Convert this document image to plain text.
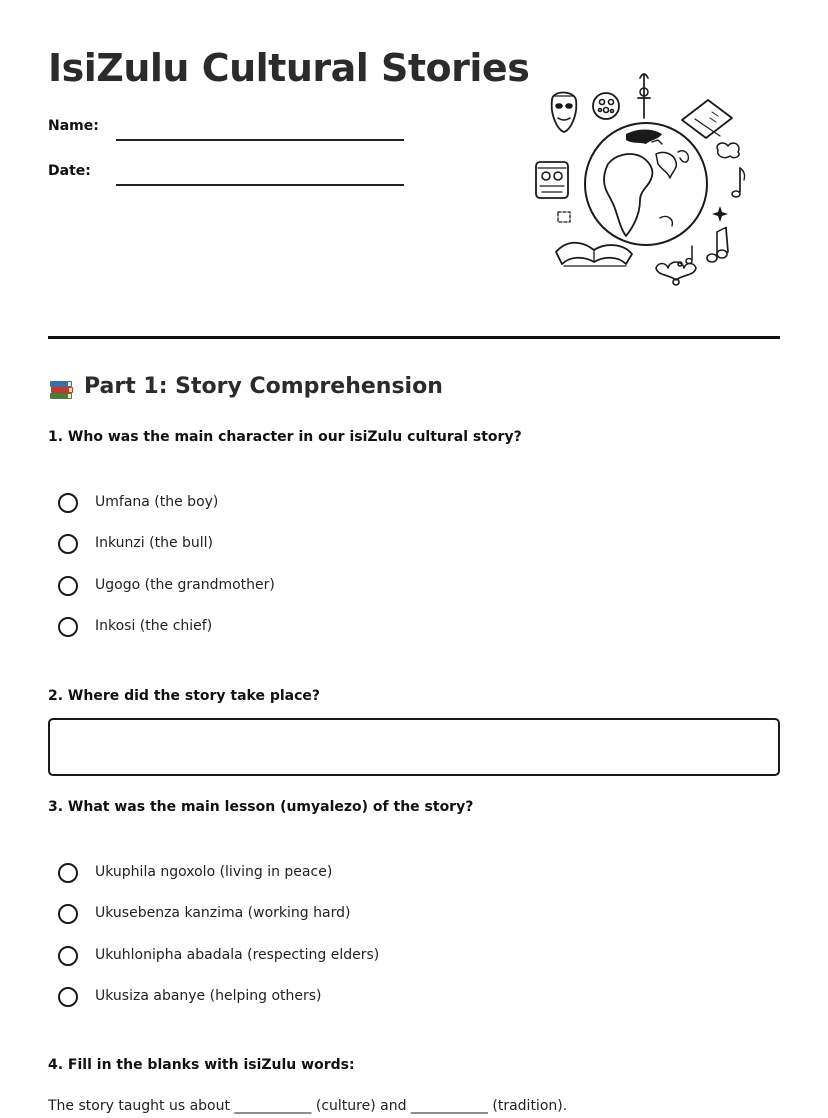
IsiZulu Cultural Stories
Name:
Date:
Part 1: Story Comprehension
1. Who was the main character in our isiZulu cultural story?
Umfana (the boy)
Inkunzi (the bull)
Ugogo (the grandmother)
Inkosi (the chief)
2. Where did the story take place?
3. What was the main lesson (umyalezo) of the story?
Ukuphila ngoxolo (living in peace)
Ukusebenza kanzima (working hard)
Ukuhlonipha abadala (respecting elders)
Ukusiza abanye (helping others)
4. Fill in the blanks with isiZulu words:
The story taught us about ___________ (culture) and ___________ (tradition).
